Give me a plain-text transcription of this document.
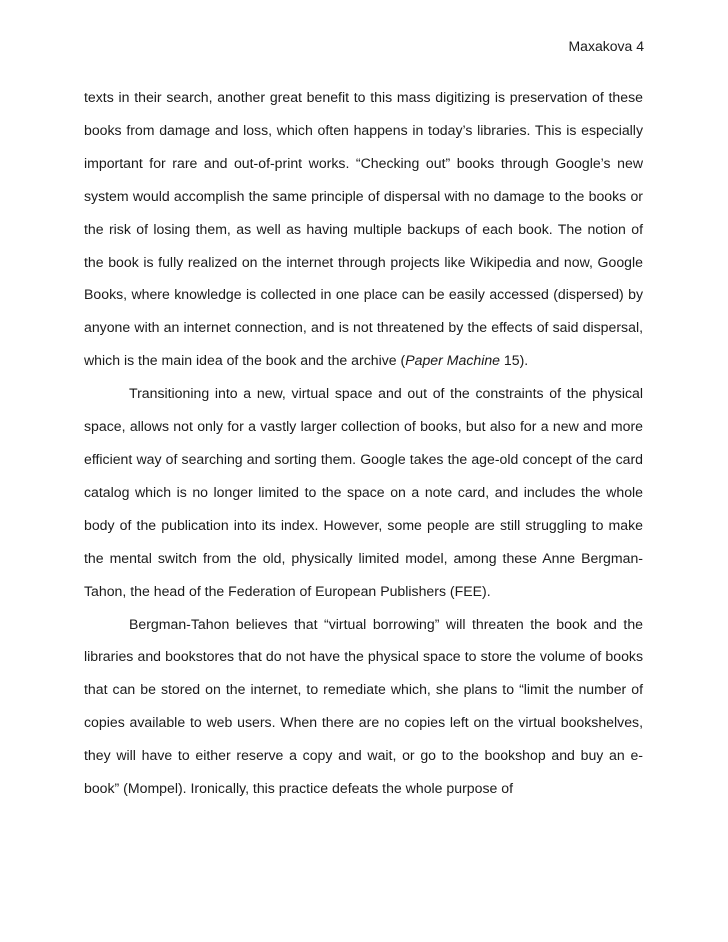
Maxakova 4

texts in their search, another great benefit to this mass digitizing is preservation of these books from damage and loss, which often happens in today’s libraries. This is especially important for rare and out-of-print works. “Checking out” books through Google’s new system would accomplish the same principle of dispersal with no damage to the books or the risk of losing them, as well as having multiple backups of each book. The notion of the book is fully realized on the internet through projects like Wikipedia and now, Google Books, where knowledge is collected in one place can be easily accessed (dispersed) by anyone with an internet connection, and is not threatened by the effects of said dispersal, which is the main idea of the book and the archive (Paper Machine 15).

Transitioning into a new, virtual space and out of the constraints of the physical space, allows not only for a vastly larger collection of books, but also for a new and more efficient way of searching and sorting them. Google takes the age-old concept of the card catalog which is no longer limited to the space on a note card, and includes the whole body of the publication into its index. However, some people are still struggling to make the mental switch from the old, physically limited model, among these Anne Bergman-Tahon, the head of the Federation of European Publishers (FEE).

Bergman-Tahon believes that “virtual borrowing” will threaten the book and the libraries and bookstores that do not have the physical space to store the volume of books that can be stored on the internet, to remediate which, she plans to “limit the number of copies available to web users. When there are no copies left on the virtual bookshelves, they will have to either reserve a copy and wait, or go to the bookshop and buy an e-book” (Mompel). Ironically, this practice defeats the whole purpose of
